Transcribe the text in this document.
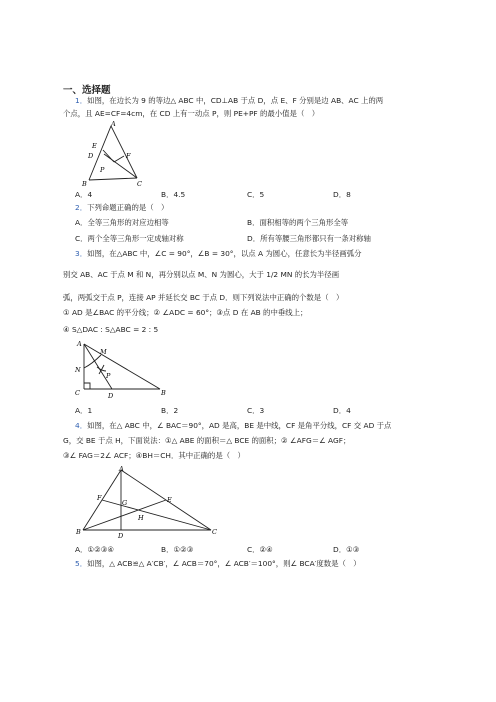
一、选择题
1．如图，在边长为 9 的等边△ ABC 中，CD⊥AB 于点 D，点 E、F 分别是边 AB、AC 上的两
个点，且 AE=CF=4cm，在 CD 上有一动点 P，则 PE+PF 的最小值是（　）
A
E
D	F
P
B	C
A．4	B．4.5	C．5	D．8
2．下列命题正确的是（　）
A．全等三角形的对应边相等	B．面积相等的两个三角形全等
C．两个全等三角形一定成轴对称	D．所有等腰三角形都只有一条对称轴
3．如图，在△ABC 中，∠C = 90°，∠B = 30°，以点 A 为圆心，任意长为半径画弧分
别交 AB、AC 于点 M 和 N，再分别以点 M、N 为圆心，大于 1/2 MN 的长为半径画
弧，两弧交于点 P，连接 AP 并延长交 BC 于点 D．则下列说法中正确的个数是（　）
① AD 是∠BAC 的平分线；② ∠ADC = 60°；③点 D 在 AB 的中垂线上；
④ S△DAC : S△ABC = 2 : 5
A
M
N
P
C	D	B
A．1	B．2	C．3	D．4
4．如图，在△ ABC 中，∠ BAC＝90°，AD 是高，BE 是中线，CF 是角平分线，CF 交 AD 于点
G，交 BE 于点 H，下面说法：①△ ABE 的面积＝△ BCE 的面积；② ∠AFG＝∠ AGF；
③∠ FAG＝2∠ ACF；④BH＝CH．其中正确的是（　）
A
F
G	E
H
B	D	C
A．①②③④	B．①②③	C．②④	D．①③
5．如图，△ ACB≌△ A′CB′，∠ ACB＝70°，∠ ACB′＝100°，则∠ BCA′度数是（　）
